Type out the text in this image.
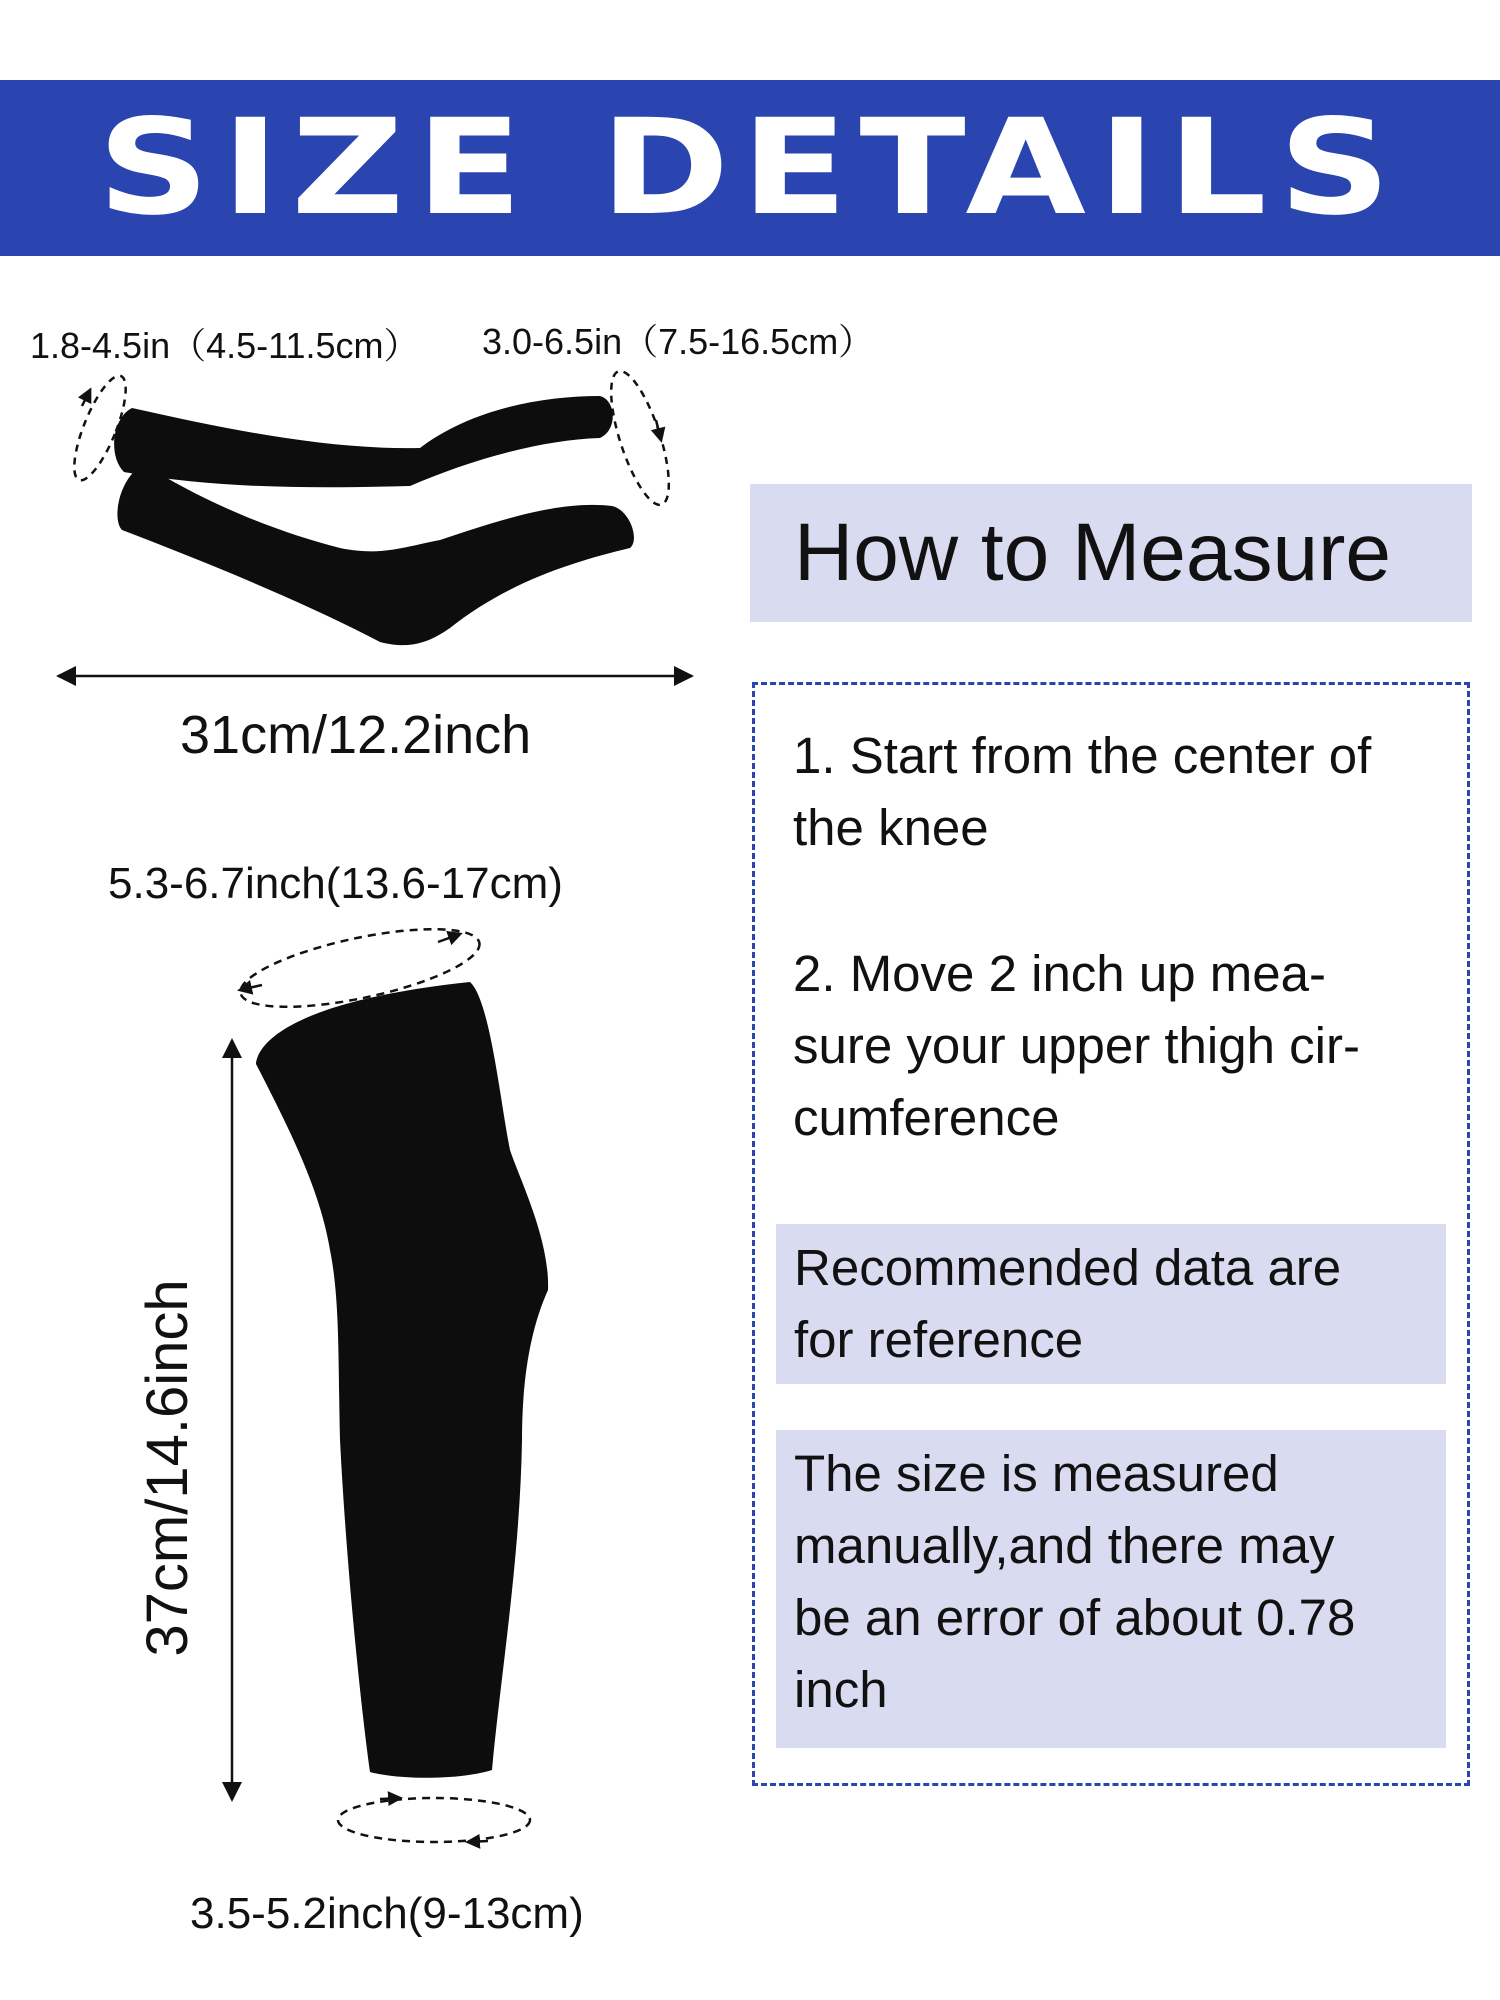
SIZE DETAILS
1.8-4.5in（4.5-11.5cm） 3.0-6.5in（7.5-16.5cm）
31cm/12.2inch
5.3-6.7inch(13.6-17cm)
37cm/14.6inch
3.5-5.2inch(9-13cm)
How to Measure
1. Start from the center of
the knee
2. Move 2 inch up mea-
sure your upper thigh cir-
cumference
Recommended data are
for reference
The size is measured
manually,and there may
be an error of about 0.78
inch
